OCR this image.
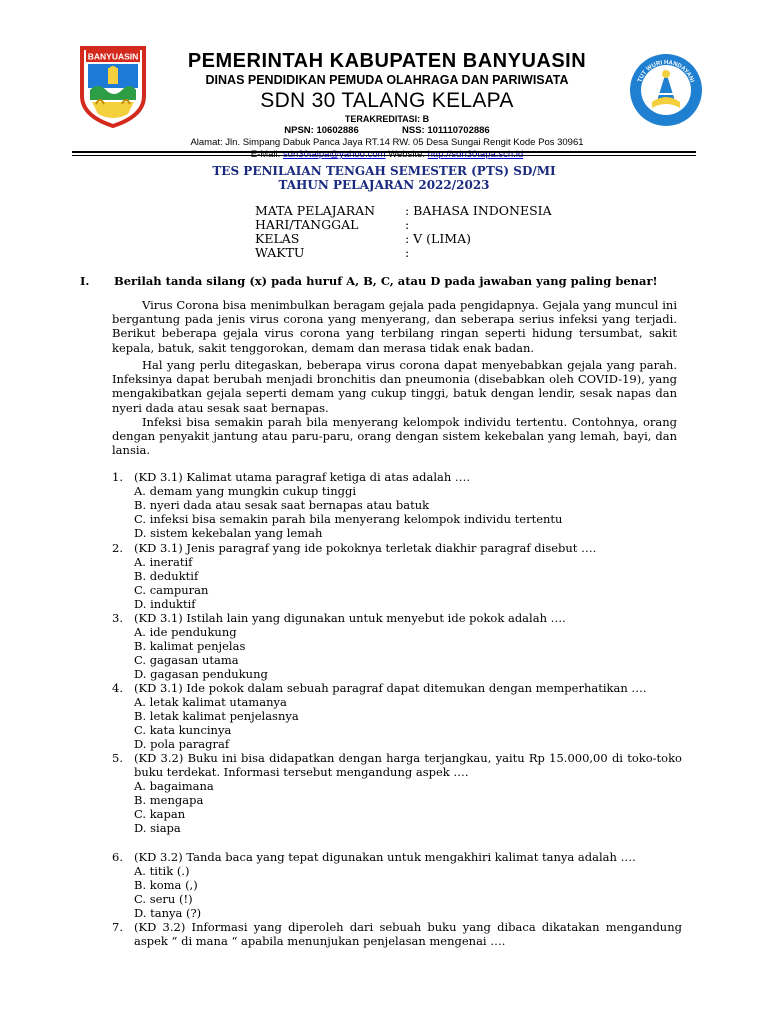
BANYUASIN	PEMERINTAH KABUPATEN BANYUASIN
DINAS PENDIDIKAN PEMUDA OLAHRAGA DAN PARIWISATA
SDN 30 TALANG KELAPA
TERAKREDITASI: B
NPSN: 10602886	NSS: 101110702886
Alamat: Jln. Simpang Dabuk Panca Jaya RT.14 RW. 05 Desa Sungai Rengit Kode Pos 30961
TUT WURI HANDAYANI
TES PENILAIAN TENGAH SEMESTER (PTS) SD/MI
TAHUN PELAJARAN 2022/2023
MATA PELAJARAN	: BAHASA INDONESIA
HARI/TANGGAL	:
KELAS	: V (LIMA)
WAKTU	:
I. Berilah tanda silang (x) pada huruf A, B, C, atau D pada jawaban yang paling benar!
Virus Corona bisa menimbulkan beragam gejala pada pengidapnya. Gejala yang muncul ini bergantung pada jenis virus corona yang menyerang, dan seberapa serius infeksi yang terjadi. Berikut beberapa gejala virus corona yang terbilang ringan seperti hidung tersumbat, sakit kepala, batuk, sakit tenggorokan, demam dan merasa tidak enak badan.
Hal yang perlu ditegaskan, beberapa virus corona dapat menyebabkan gejala yang parah. Infeksinya dapat berubah menjadi bronchitis dan pneumonia (disebabkan oleh COVID-19), yang mengakibatkan gejala seperti demam yang cukup tinggi, batuk dengan lendir, sesak napas dan nyeri dada atau sesak saat bernapas.
Infeksi bisa semakin parah bila menyerang kelompok individu tertentu. Contohnya, orang dengan penyakit jantung atau paru-paru, orang dengan sistem kekebalan yang lemah, bayi, dan lansia.
1. (KD 3.1) Kalimat utama paragraf ketiga di atas adalah ….
A. demam yang mungkin cukup tinggi
B. nyeri dada atau sesak saat bernapas atau batuk
C. infeksi bisa semakin parah bila menyerang kelompok individu tertentu
D. sistem kekebalan yang lemah
2. (KD 3.1) Jenis paragraf yang ide pokoknya terletak diakhir paragraf disebut ….
A. ineratif
B. deduktif
C. campuran
D. induktif
3. (KD 3.1) Istilah lain yang digunakan untuk menyebut ide pokok adalah ….
A. ide pendukung
B. kalimat penjelas
C. gagasan utama
D. gagasan pendukung
4. (KD 3.1) Ide pokok dalam sebuah paragraf dapat ditemukan dengan memperhatikan ….
A. letak kalimat utamanya
B. letak kalimat penjelasnya
C. kata kuncinya
D. pola paragraf
5. (KD 3.2) Buku ini bisa didapatkan dengan harga terjangkau, yaitu Rp 15.000,00 di toko-toko buku terdekat. Informasi tersebut mengandung aspek ….
A. bagaimana
B. mengapa
C. kapan
D. siapa
6. (KD 3.2) Tanda baca yang tepat digunakan untuk mengakhiri kalimat tanya adalah ….
A. titik (.)
B. koma (,)
C. seru (!)
D. tanya (?)
7. (KD 3.2) Informasi yang diperoleh dari sebuah buku yang dibaca dikatakan mengandung aspek “ di mana “ apabila menunjukan penjelasan mengenai ….
